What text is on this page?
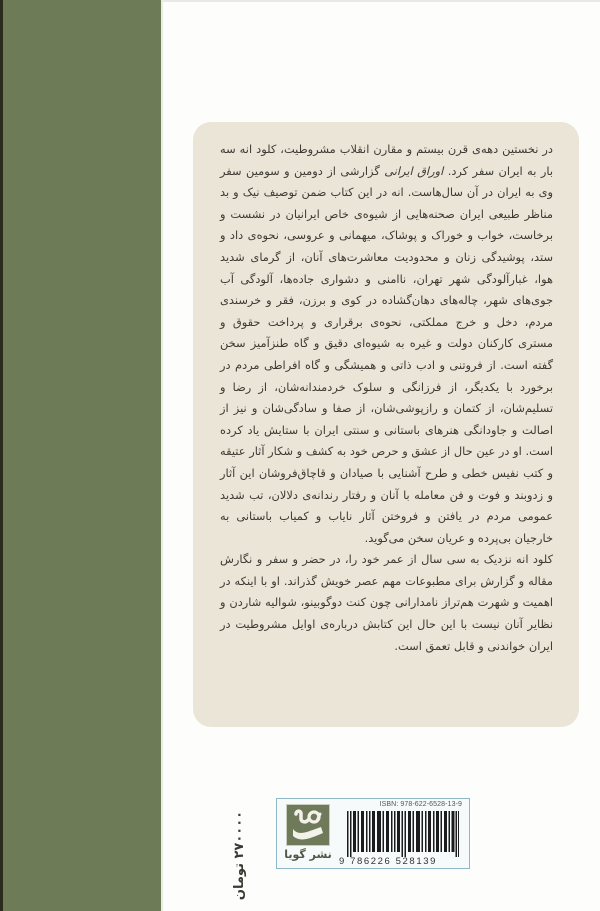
در نخستین دهه‌ی قرن بیستم و مقارن انقلاب مشروطیت، کلود انه سه بار به ایران سفر کرد. اوراق ایرانی گزارشی از دومین و سومین سفر وی به ایران در آن سال‌هاست. انه در این کتاب ضمن توصیف نیک و بد مناظر طبیعی ایران صحنه‌هایی از شیوه‌ی خاص ایرانیان در نشست و برخاست، خواب و خوراک و پوشاک، میهمانی و عروسی، نحوه‌ی داد و ستد، پوشیدگی زنان و محدودیت معاشرت‌های آنان، از گرمای شدید هوا، غبارآلودگی شهر تهران، ناامنی و دشواری جاده‌ها، آلودگی آب جوی‌های شهر، چاله‌های دهان‌گشاده در کوی و برزن، فقر و خرسندی مردم، دخل و خرج مملکتی، نحوه‌ی برقراری و پرداخت حقوق و مستری کارکنان دولت و غیره به شیوه‌ای دقیق و گاه طنزآمیز سخن گفته است. از فروتنی و ادب ذاتی و همیشگی و گاه افراطی مردم در برخورد با یکدیگر، از فرزانگی و سلوک خردمندانه‌شان، از رضا و تسلیم‌شان، از کتمان و رازپوشی‌شان، از صفا و سادگی‌شان و نیز از اصالت و جاودانگی هنرهای باستانی و سنتی ایران با ستایش یاد کرده است. او در عین حال از عشق و حرص خود به کشف و شکار آثار عتیقه و کتب نفیس خطی و طرح آشنایی با صیادان و قاچاق‌فروشان این آثار و زدوبند و فوت و فن معامله با آنان و رفتار رندانه‌ی دلالان، تب شدید عمومی مردم در یافتن و فروختن آثار نایاب و کمیاب باستانی به خارجیان بی‌پرده و عریان سخن می‌گوید.

کلود انه نزدیک به سی سال از عمر خود را، در حضر و سفر و نگارش مقاله و گزارش برای مطبوعات مهم عصر خویش گذراند. او با اینکه در اهمیت و شهرت هم‌تراز نامدارانی چون کنت دوگوبینو، شوالیه شاردن و نظایر آنان نیست با این حال این کتابش درباره‌ی اوایل مشروطیت در ایران خواندنی و قابل تعمق است.

۲۷۰۰۰۰ تومان
نشر گویا
ISBN: 978-622-6528-13-9
9 786226 528139
